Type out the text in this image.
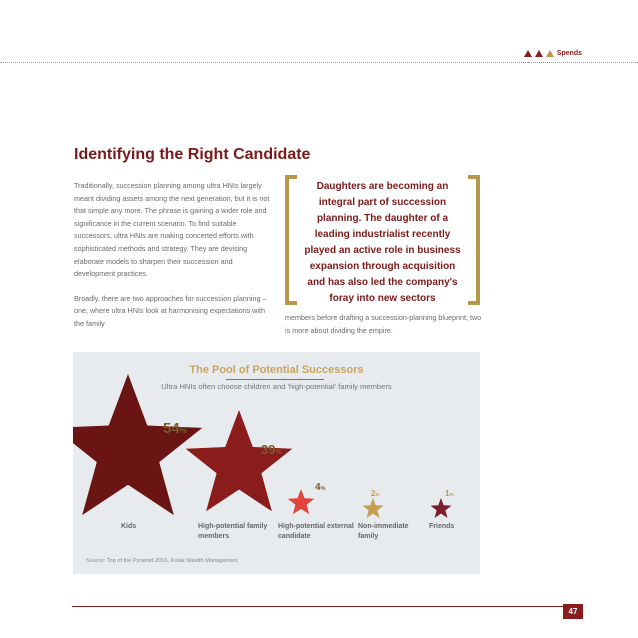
Spends
Identifying the Right Candidate

Traditionally, succession planning among ultra HNIs largely meant dividing assets among the next generation, but it is not that simple any more. The phrase is gaining a wider role and significance in the current scenario. To find suitable successors, ultra HNIs are making concerted efforts with sophisticated methods and strategy. They are devising elaborate models to sharpen their succession and development practices.

Broadly, there are two approaches for succession planning – one, where ultra HNIs look at harmonising expectations with the family

Daughters are becoming an integral part of succession planning. The daughter of a leading industrialist recently played an active role in business expansion through acquisition and has also led the company's foray into new sectors

members before drafting a succession-planning blueprint; two is more about dividing the empire.

The Pool of Potential Successors
Ultra HNIs often choose children and 'high-potential' family members
54%
Kids
39%
High-potential family members
4%
High-potential external candidate
2%
Non-immediate family
1%
Friends
Source: Top of the Pyramid 2016, Kotak Wealth Management
47
